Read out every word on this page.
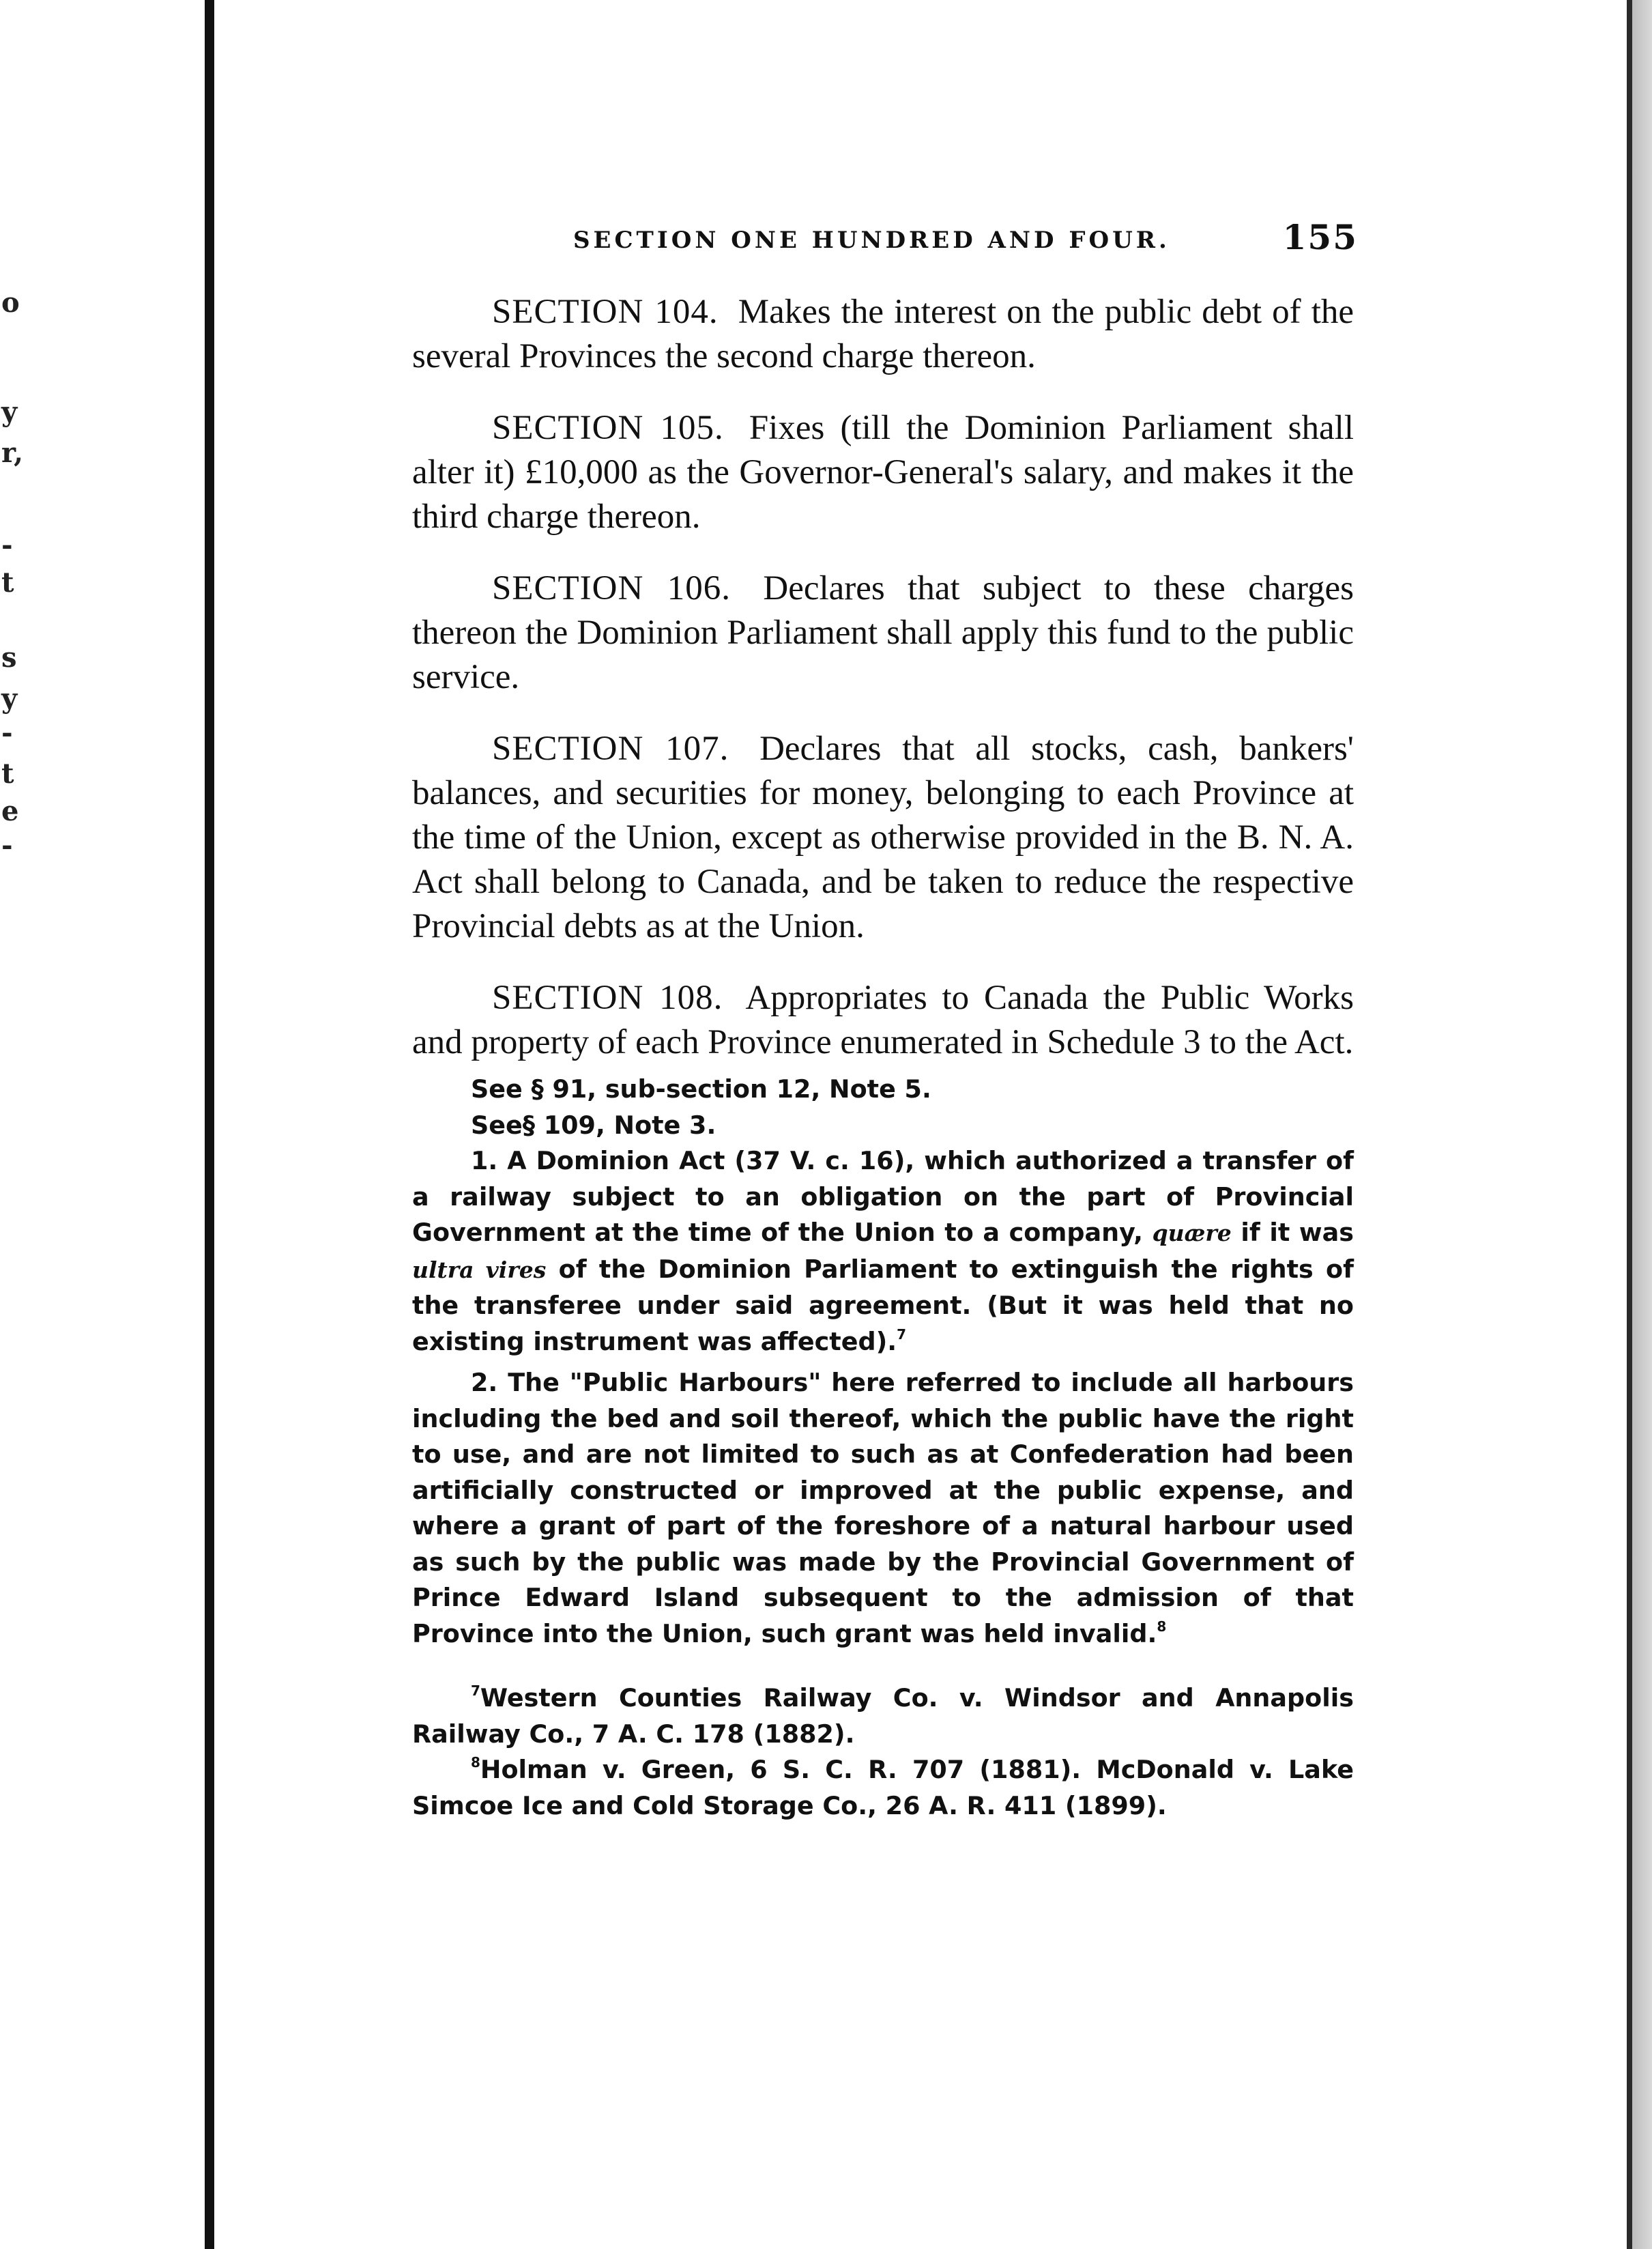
o
y
r,
-
t
s
y
-
t
e
-
SECTION ONE HUNDRED AND FOUR.	155

SECTION 104. Makes the interest on the public debt of the several Provinces the second charge thereon.

SECTION 105. Fixes (till the Dominion Parliament shall alter it) £10,000 as the Governor-General's salary, and makes it the third charge thereon.

SECTION 106. Declares that subject to these charges thereon the Dominion Parliament shall apply this fund to the public service.

SECTION 107. Declares that all stocks, cash, bankers' balances, and securities for money, belonging to each Province at the time of the Union, except as otherwise provided in the B. N. A. Act shall belong to Canada, and be taken to reduce the respective Provincial debts as at the Union.

SECTION 108. Appropriates to Canada the Public Works and property of each Province enumerated in Schedule 3 to the Act.

See § 91, sub-section 12, Note 5.

See§ 109, Note 3.

1. A Dominion Act (37 V. c. 16), which authorized a transfer of a railway subject to an obligation on the part of Provincial Government at the time of the Union to a company, quære if it was ultra vires of the Dominion Parliament to extinguish the rights of the transferee under said agreement. (But it was held that no existing instrument was affected).$^7$

2. The "Public Harbours" here referred to include all harbours including the bed and soil thereof, which the public have the right to use, and are not limited to such as at Confederation had been artificially constructed or improved at the public expense, and where a grant of part of the foreshore of a natural harbour used as such by the public was made by the Provincial Government of Prince Edward Island subsequent to the admission of that Province into the Union, such grant was held invalid.$^8$

$^7$Western Counties Railway Co. v. Windsor and Annapolis Railway Co., 7 A. C. 178 (1882).

$^8$Holman v. Green, 6 S. C. R. 707 (1881). McDonald v. Lake Simcoe Ice and Cold Storage Co., 26 A. R. 411 (1899).
